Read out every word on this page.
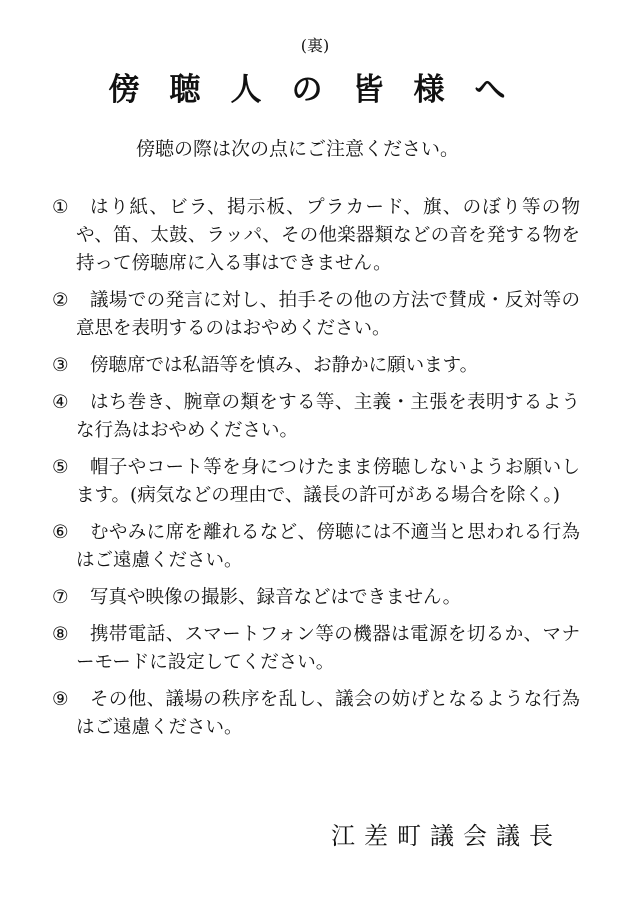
(裏)
傍聴人の皆様へ
傍聴の際は次の点にご注意ください。
①	はり紙、ビラ、掲示板、プラカード、旗、のぼり等の物や、笛、太鼓、ラッパ、その他楽器類などの音を発する物を持って傍聴席に入る事はできません。
②	議場での発言に対し、拍手その他の方法で賛成・反対等の意思を表明するのはおやめください。
③	傍聴席では私語等を慎み、お静かに願います。
④	はち巻き、腕章の類をする等、主義・主張を表明するような行為はおやめください。
⑤	帽子やコート等を身につけたまま傍聴しないようお願いします。(病気などの理由で、議長の許可がある場合を除く。)
⑥	むやみに席を離れるなど、傍聴には不適当と思われる行為はご遠慮ください。
⑦	写真や映像の撮影、録音などはできません。
⑧	携帯電話、スマートフォン等の機器は電源を切るか、マナーモードに設定してください。
⑨	その他、議場の秩序を乱し、議会の妨げとなるような行為はご遠慮ください。
江差町議会議長
